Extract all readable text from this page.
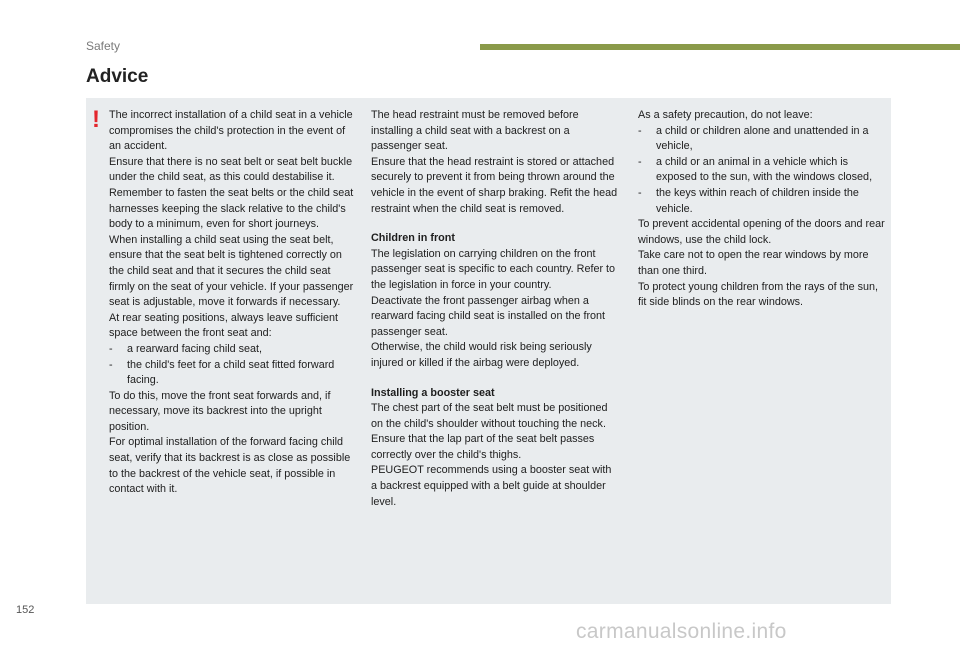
Safety
Advice
! The incorrect installation of a child seat in a vehicle compromises the child's protection in the event of an accident.

Ensure that there is no seat belt or seat belt buckle under the child seat, as this could destabilise it.

Remember to fasten the seat belts or the child seat harnesses keeping the slack relative to the child's body to a minimum, even for short journeys.

When installing a child seat using the seat belt, ensure that the seat belt is tightened correctly on the child seat and that it secures the child seat firmly on the seat of your vehicle. If your passenger seat is adjustable, move it forwards if necessary.

At rear seating positions, always leave sufficient space between the front seat and:

- a rearward facing child seat,

- the child's feet for a child seat fitted forward facing.

To do this, move the front seat forwards and, if necessary, move its backrest into the upright position.

For optimal installation of the forward facing child seat, verify that its backrest is as close as possible to the backrest of the vehicle seat, if possible in contact with it.

The head restraint must be removed before installing a child seat with a backrest on a passenger seat.

Ensure that the head restraint is stored or attached securely to prevent it from being thrown around the vehicle in the event of sharp braking. Refit the head restraint when the child seat is removed.

Children in front

The legislation on carrying children on the front passenger seat is specific to each country. Refer to the legislation in force in your country.

Deactivate the front passenger airbag when a rearward facing child seat is installed on the front passenger seat.

Otherwise, the child would risk being seriously injured or killed if the airbag were deployed.

Installing a booster seat

The chest part of the seat belt must be positioned on the child's shoulder without touching the neck.

Ensure that the lap part of the seat belt passes correctly over the child's thighs.

PEUGEOT recommends using a booster seat with a backrest equipped with a belt guide at shoulder level.

As a safety precaution, do not leave:

- a child or children alone and unattended in a vehicle,

- a child or an animal in a vehicle which is exposed to the sun, with the windows closed,

- the keys within reach of children inside the vehicle.

To prevent accidental opening of the doors and rear windows, use the child lock.

Take care not to open the rear windows by more than one third.

To protect young children from the rays of the sun, fit side blinds on the rear windows.

152
carmanualsonline.info
